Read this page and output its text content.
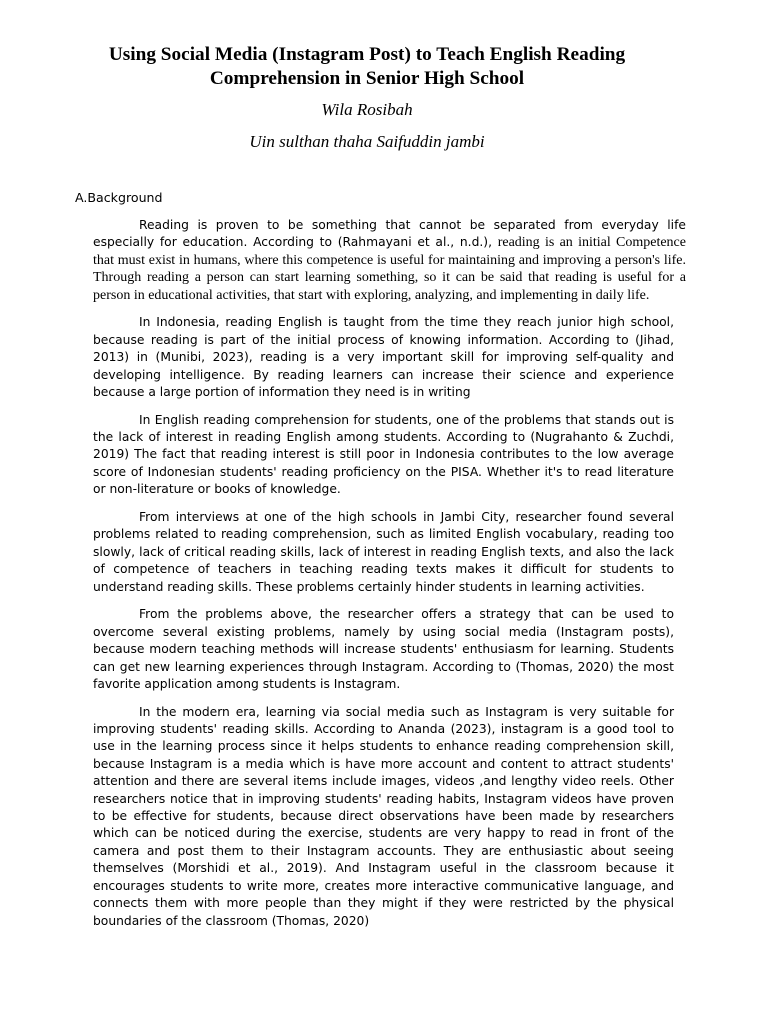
Using Social Media (Instagram Post) to Teach English Reading Comprehension in Senior High School

Wila Rosibah

Uin sulthan thaha Saifuddin jambi

A.Background

Reading is proven to be something that cannot be separated from everyday life especially for education. According to (Rahmayani et al., n.d.), reading is an initial Competence that must exist in humans, where this competence is useful for maintaining and improving a person's life. Through reading a person can start learning something, so it can be said that reading is useful for a person in educational activities, that start with exploring, analyzing, and implementing in daily life.

In Indonesia, reading English is taught from the time they reach junior high school, because reading is part of the initial process of knowing information. According to (Jihad, 2013) in (Munibi, 2023), reading is a very important skill for improving self-quality and developing intelligence. By reading learners can increase their science and experience because a large portion of information they need is in writing

In English reading comprehension for students, one of the problems that stands out is the lack of interest in reading English among students. According to (Nugrahanto & Zuchdi, 2019) The fact that reading interest is still poor in Indonesia contributes to the low average score of Indonesian students' reading proficiency on the PISA. Whether it's to read literature or non-literature or books of knowledge.

From interviews at one of the high schools in Jambi City, researcher found several problems related to reading comprehension, such as limited English vocabulary, reading too slowly, lack of critical reading skills, lack of interest in reading English texts, and also the lack of competence of teachers in teaching reading texts makes it difficult for students to understand reading skills. These problems certainly hinder students in learning activities.

From the problems above, the researcher offers a strategy that can be used to overcome several existing problems, namely by using social media (Instagram posts), because modern teaching methods will increase students' enthusiasm for learning. Students can get new learning experiences through Instagram. According to (Thomas, 2020) the most favorite application among students is Instagram.

In the modern era, learning via social media such as Instagram is very suitable for improving students' reading skills. According to Ananda (2023), instagram is a good tool to use in the learning process since it helps students to enhance reading comprehension skill, because Instagram is a media which is have more account and content to attract students' attention and there are several items include images, videos ,and lengthy video reels. Other researchers notice that in improving students' reading habits, Instagram videos have proven to be effective for students, because direct observations have been made by researchers which can be noticed during the exercise, students are very happy to read in front of the camera and post them to their Instagram accounts. They are enthusiastic about seeing themselves (Morshidi et al., 2019). And Instagram useful in the classroom because it encourages students to write more, creates more interactive communicative language, and connects them with more people than they might if they were restricted by the physical boundaries of the classroom (Thomas, 2020)
